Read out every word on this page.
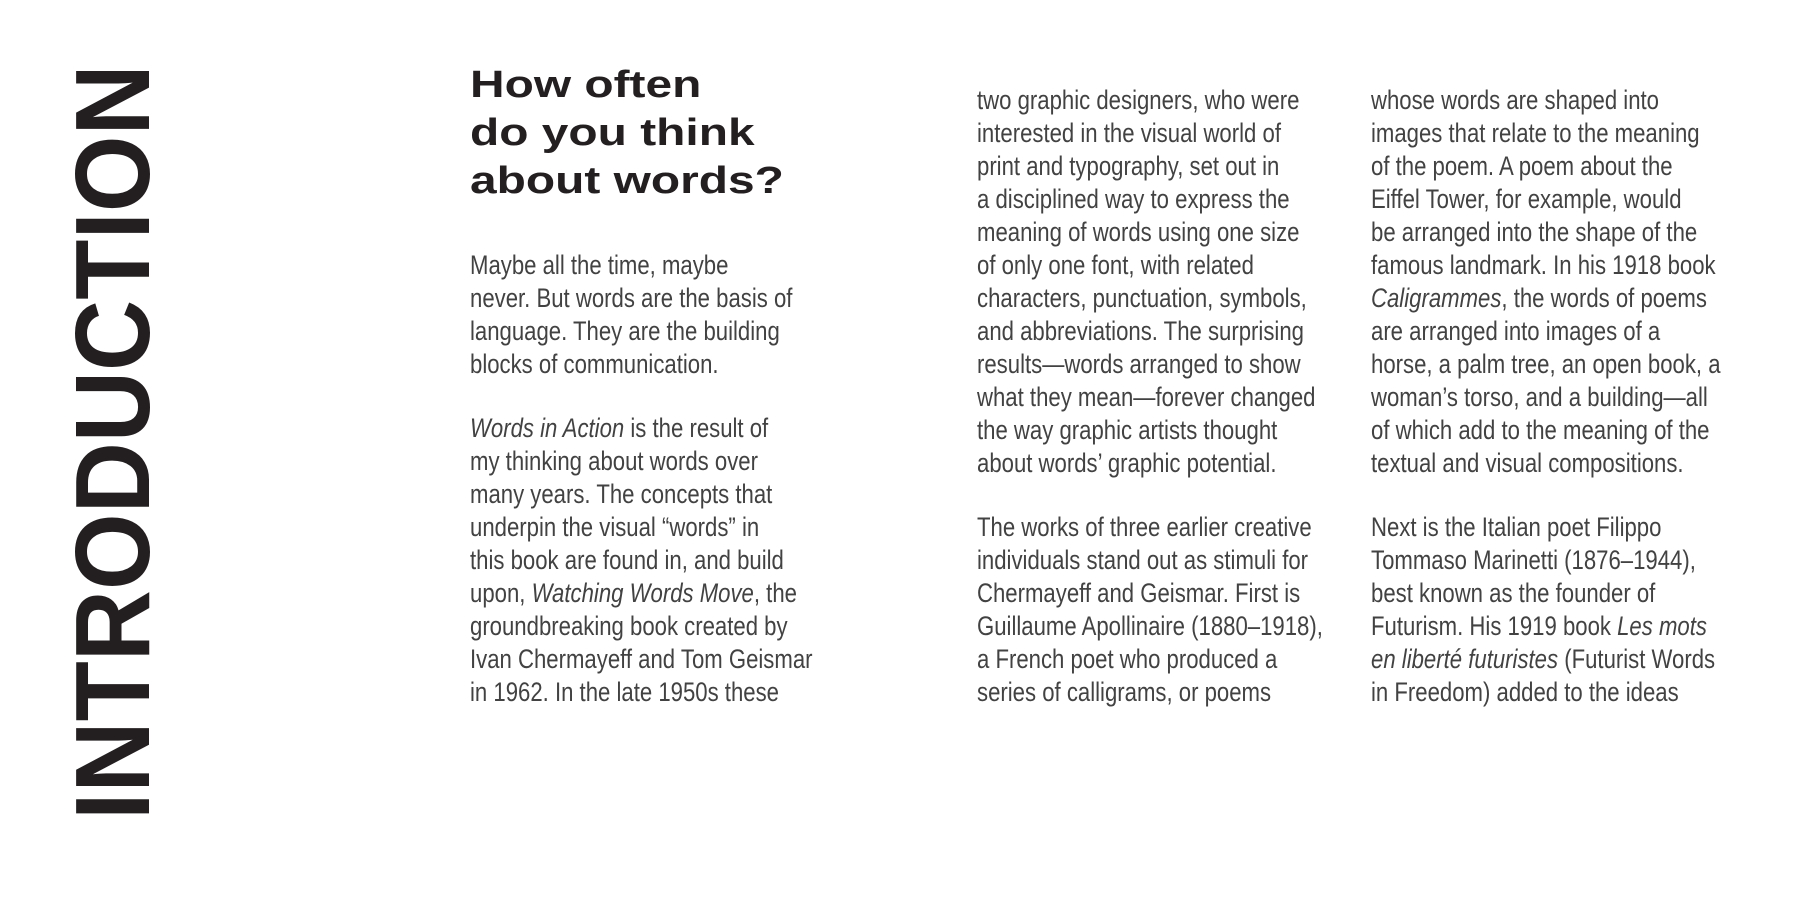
INTRODUCTION	How often
do you think
about words?

Maybe all the time, maybe
never. But words are the basis of
language. They are the building
blocks of communication.

Words in Action is the result of
my thinking about words over
many years. The concepts that
underpin the visual “words” in
this book are found in, and build
upon, Watching Words Move, the
groundbreaking book created by
Ivan Chermayeff and Tom Geismar
in 1962. In the late 1950s these

two graphic designers, who were
interested in the visual world of
print and typography, set out in
a disciplined way to express the
meaning of words using one size
of only one font, with related
characters, punctuation, symbols,
and abbreviations. The surprising
results—words arranged to show
what they mean—forever changed
the way graphic artists thought
about words’ graphic potential.

The works of three earlier creative
individuals stand out as stimuli for
Chermayeff and Geismar. First is
Guillaume Apollinaire (1880–1918),
a French poet who produced a
series of calligrams, or poems

whose words are shaped into
images that relate to the meaning
of the poem. A poem about the
Eiffel Tower, for example, would
be arranged into the shape of the
famous landmark. In his 1918 book
Caligrammes, the words of poems
are arranged into images of a
horse, a palm tree, an open book, a
woman’s torso, and a building—all
of which add to the meaning of the
textual and visual compositions.

Next is the Italian poet Filippo
Tommaso Marinetti (1876–1944),
best known as the founder of
Futurism. His 1919 book Les mots
en liberté futuristes (Futurist Words
in Freedom) added to the ideas
